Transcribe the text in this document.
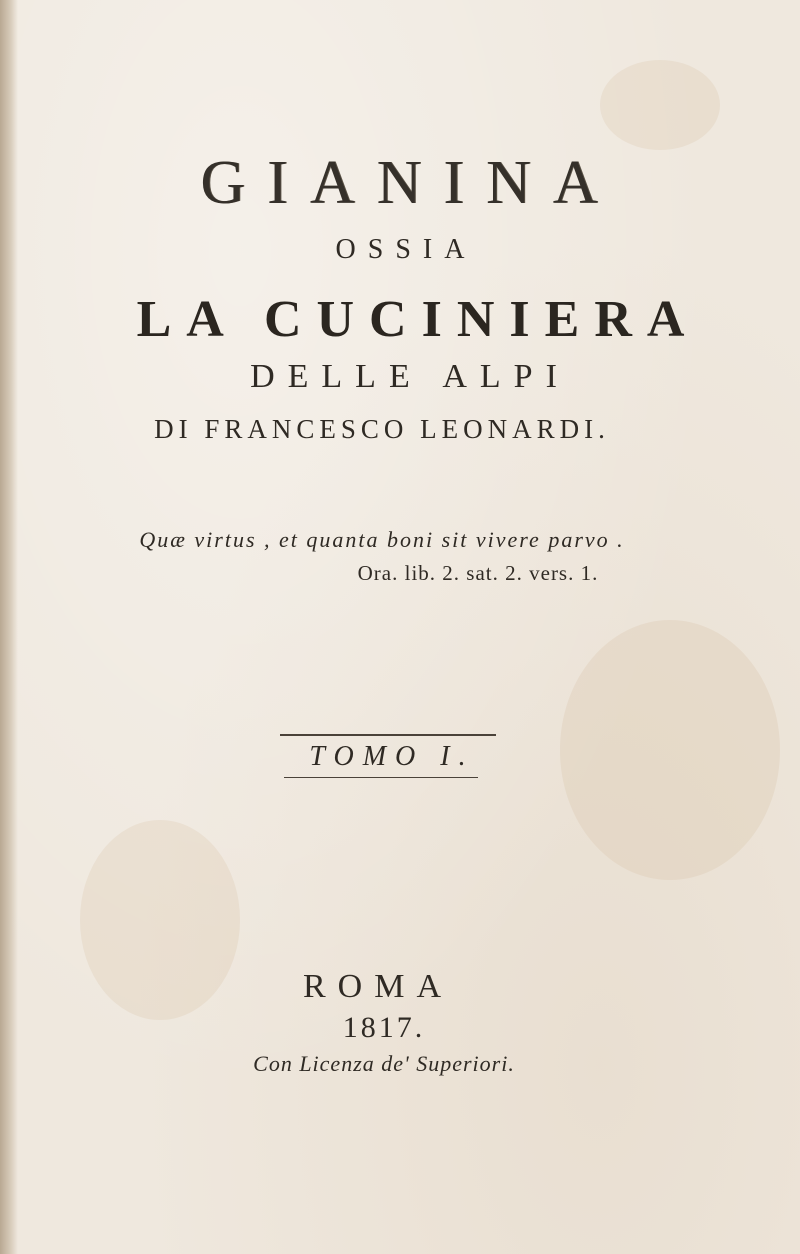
GIANINA
OSSIA
LA CUCINIERA
DELLE ALPI
DI FRANCESCO LEONARDI.
Quæ virtus , et quanta boni sit vivere parvo .
Ora. lib. 2. sat. 2. vers. 1.
TOMO I.
ROMA
1817.
Con Licenza de' Superiori.
